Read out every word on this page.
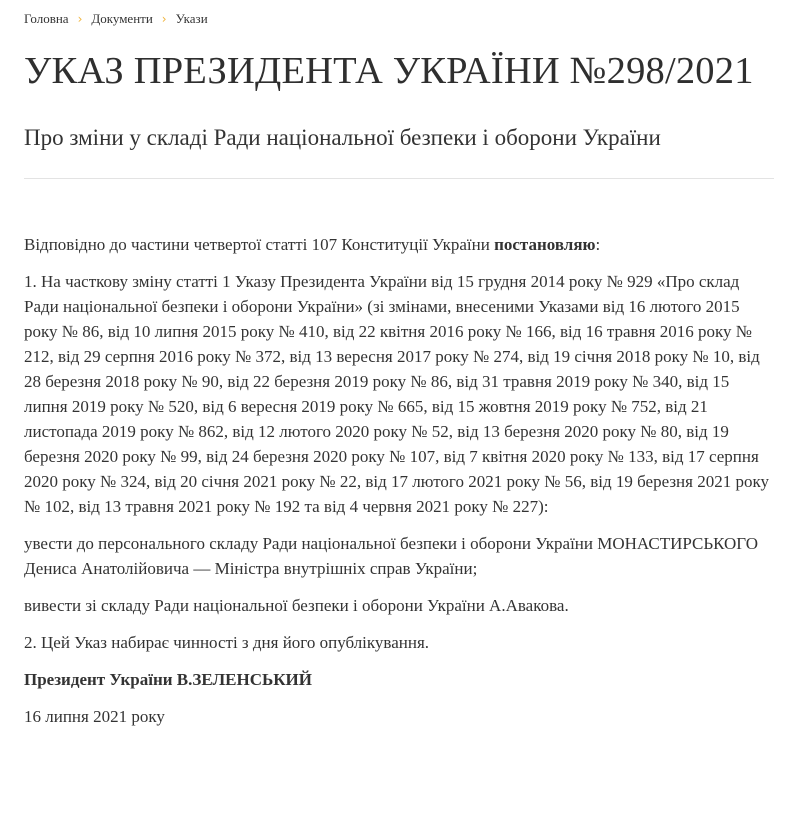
Головна › Документи › Укази
УКАЗ ПРЕЗИДЕНТА УКРАЇНИ №298/2021
Про зміни у складі Ради національної безпеки і оборони України

Відповідно до частини четвертої статті 107 Конституції України постановляю:

1. На часткову зміну статті 1 Указу Президента України від 15 грудня 2014 року № 929 «Про склад Ради національної безпеки і оборони України» (зі змінами, внесеними Указами від 16 лютого 2015 року № 86, від 10 липня 2015 року № 410, від 22 квітня 2016 року № 166, від 16 травня 2016 року № 212, від 29 серпня 2016 року № 372, від 13 вересня 2017 року № 274, від 19 січня 2018 року № 10, від 28 березня 2018 року № 90, від 22 березня 2019 року № 86, від 31 травня 2019 року № 340, від 15 липня 2019 року № 520, від 6 вересня 2019 року № 665, від 15 жовтня 2019 року № 752, від 21 листопада 2019 року № 862, від 12 лютого 2020 року № 52, від 13 березня 2020 року № 80, від 19 березня 2020 року № 99, від 24 березня 2020 року № 107, від 7 квітня 2020 року № 133, від 17 серпня 2020 року № 324, від 20 січня 2021 року № 22, від 17 лютого 2021 року № 56, від 19 березня 2021 року № 102, від 13 травня 2021 року № 192 та від 4 червня 2021 року № 227):

увести до персонального складу Ради національної безпеки і оборони України МОНАСТИРСЬКОГО Дениса Анатолійовича — Міністра внутрішніх справ України;

вивести зі складу Ради національної безпеки і оборони України А.Авакова.

2. Цей Указ набирає чинності з дня його опублікування.

Президент України В.ЗЕЛЕНСЬКИЙ

16 липня 2021 року
